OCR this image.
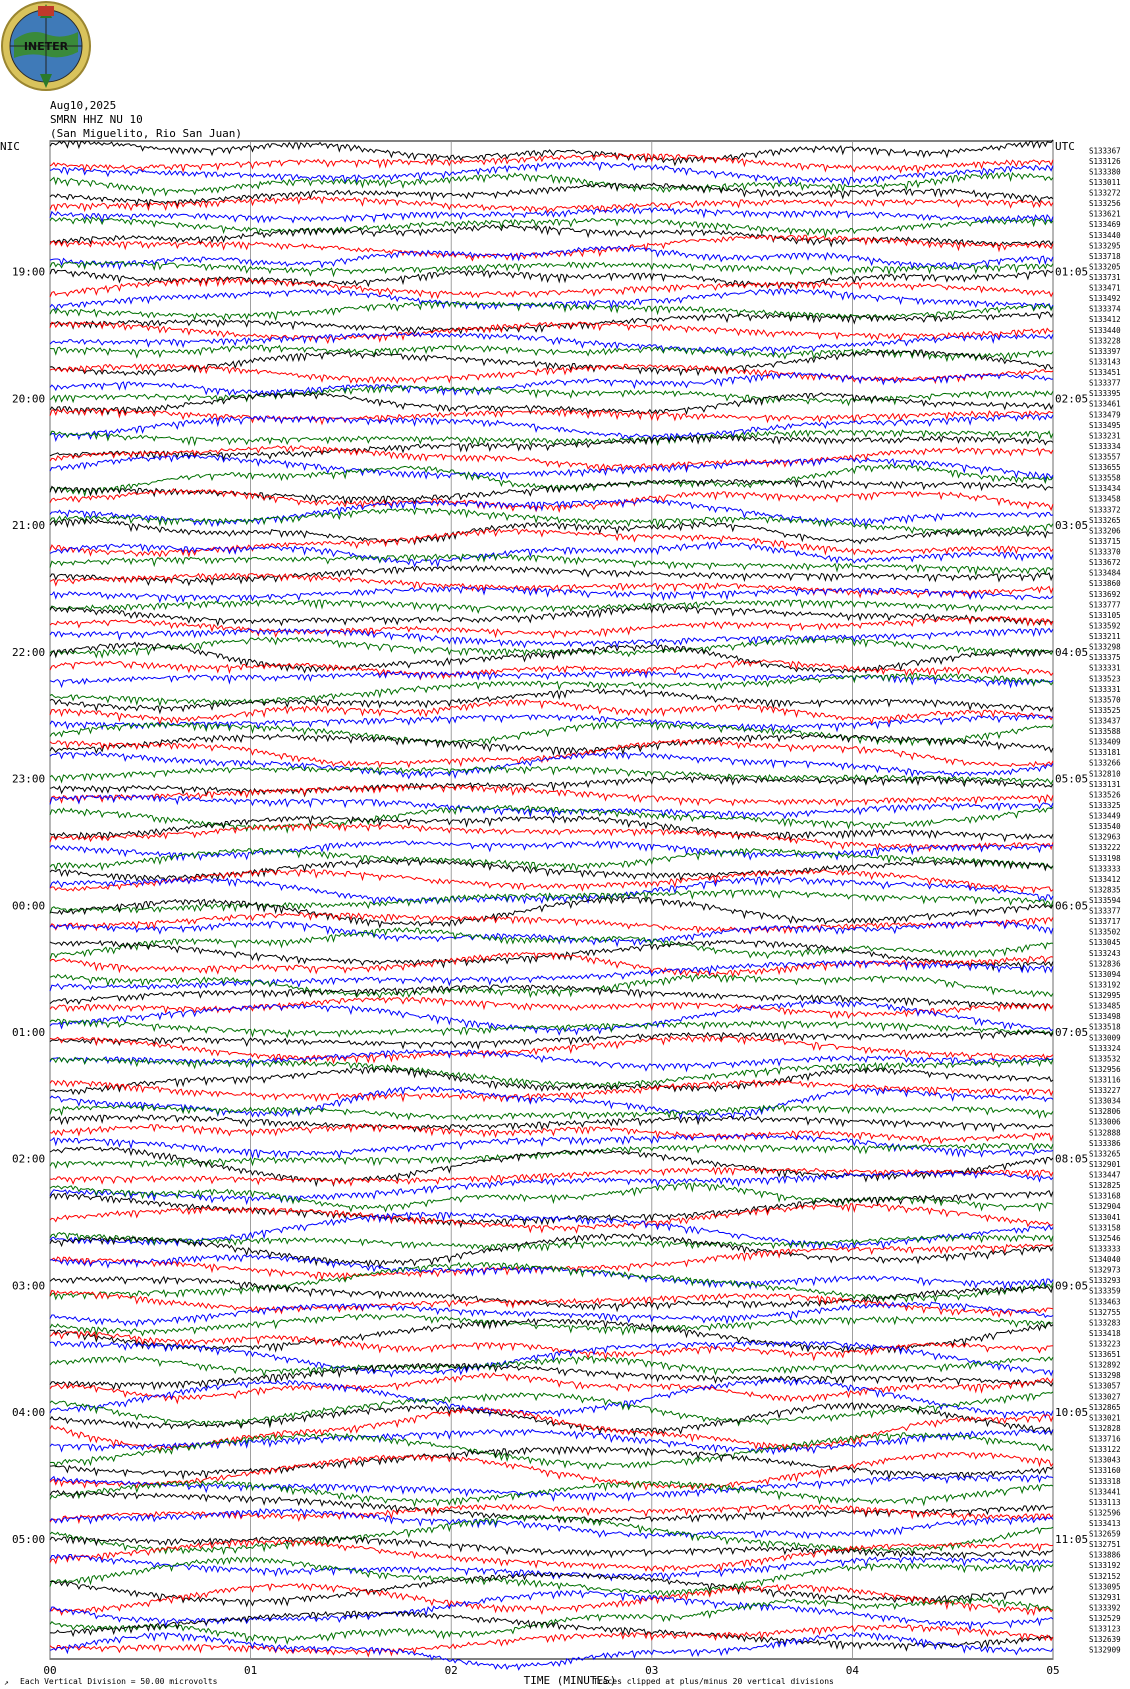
INETER
Aug10,2025
SMRN HHZ NU 10
(San Miguelito, Rio San Juan)
00	01	02	03	04	05
S133367
S133126
S133380
S133011
S133272
S133256
S133621
S133469
S133440
S133295
S133718
S133205
S133731
S133471
S133492
S133374
S133412
S133440
S133228
S133397
S133143
S133451
S133377
S133395
S133461
S133479
S133495
S133231
S133334
S133557
S133655
S133558
S133434
S133458
S133372
S133265
S133206
S133715
S133370
S133672
S133484
S133860
S133692
S133777
S133105
S133592
S133211
S133298
S133375
S133331
S133523
S133331
S133570
S133525
S133437
S133588
S133409
S133181
S133266
S132810
S133131
S133526
S133325
S133449
S133540
S132963
S133222
S133198
S133333
S133412
S132835
S133594
S133377
S133717
S133502
S133045
S133243
S132836
S133094
S133192
S132995
S133485
S133498
S133518
S133009
S133324
S133532
S132956
S133116
S133227
S133034
S132806
S133006
S132888
S133386
S133265
S132901
S133447
S132825
S133168
S132904
S133041
S133158
S132546
S133333
S134040
S132973
S133293
S133359
S133463
S132755
S133283
S133418
S133223
S133651
S132892
S133298
S133057
S133027
S132865
S133021
S132828
S133716
S133122
S133043
S133160
S133318
S133441
S133113
S132596
S133413
S132659
S132751
S133886
S133192
S132152
S133095
S132931
S133392
S132529
S133123
S132639
S132909
19:00
20:00
21:00
22:00
23:00
00:00
01:00
02:00
03:00
04:00
05:00
01:05
02:05
03:05
04:05
05:05
06:05
07:05
08:05
09:05
10:05
11:05
NIC	UTC
TIME (MINUTES)
↗ Each Vertical Division = 50.00 microvolts	Traces clipped at plus/minus 20 vertical divisions
